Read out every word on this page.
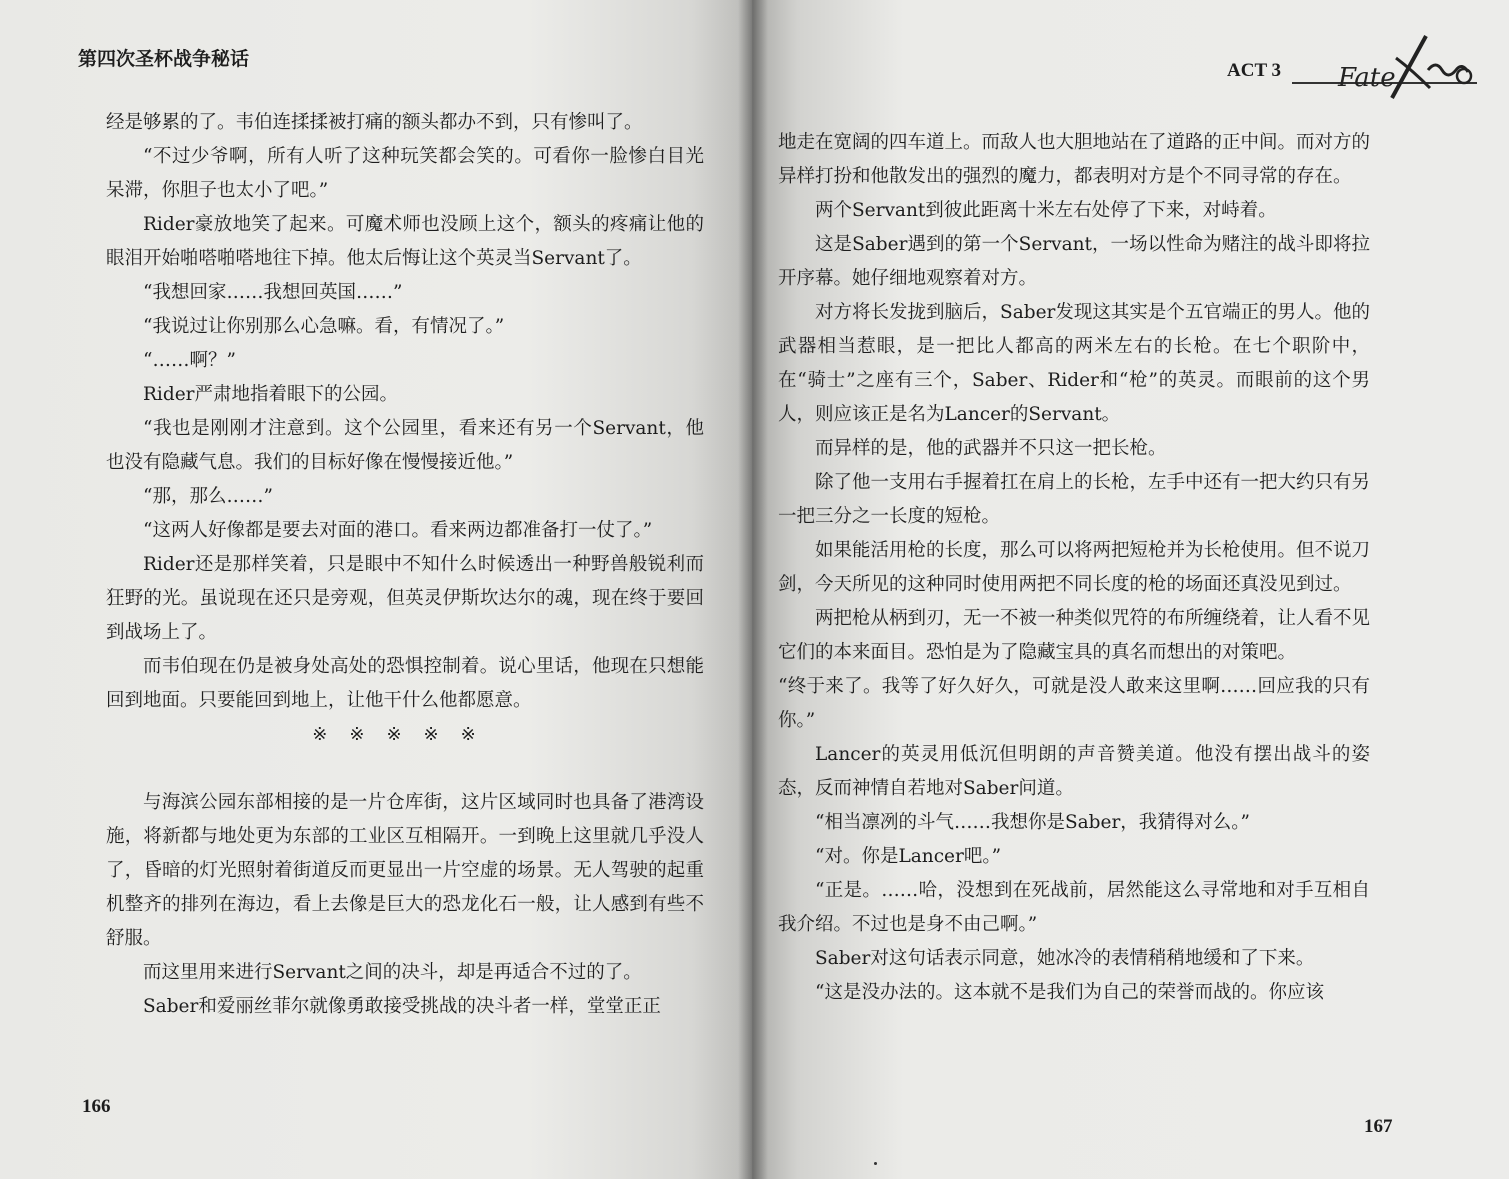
第四次圣杯战争秘话

经是够累的了。韦伯连揉揉被打痛的额头都办不到，只有惨叫了。

“不过少爷啊，所有人听了这种玩笑都会笑的。可看你一脸惨白目光呆滞，你胆子也太小了吧。”

Rider豪放地笑了起来。可魔术师也没顾上这个，额头的疼痛让他的眼泪开始啪嗒啪嗒地往下掉。他太后悔让这个英灵当Servant了。

“我想回家……我想回英国……”

“我说过让你别那么心急嘛。看，有情况了。”

“……啊？”

Rider严肃地指着眼下的公园。

“我也是刚刚才注意到。这个公园里，看来还有另一个Servant，他也没有隐藏气息。我们的目标好像在慢慢接近他。”

“那，那么……”

“这两人好像都是要去对面的港口。看来两边都准备打一仗了。”

Rider还是那样笑着，只是眼中不知什么时候透出一种野兽般锐利而狂野的光。虽说现在还只是旁观，但英灵伊斯坎达尔的魂，现在终于要回到战场上了。

而韦伯现在仍是被身处高处的恐惧控制着。说心里话，他现在只想能回到地面。只要能回到地上，让他干什么他都愿意。

※※※※※

与海滨公园东部相接的是一片仓库街，这片区域同时也具备了港湾设施，将新都与地处更为东部的工业区互相隔开。一到晚上这里就几乎没人了，昏暗的灯光照射着街道反而更显出一片空虚的场景。无人驾驶的起重机整齐的排列在海边，看上去像是巨大的恐龙化石一般，让人感到有些不舒服。

而这里用来进行Servant之间的决斗，却是再适合不过的了。

Saber和爱丽丝菲尔就像勇敢接受挑战的决斗者一样，堂堂正正

166
ACT 3 Fate

地走在宽阔的四车道上。而敌人也大胆地站在了道路的正中间。而对方的异样打扮和他散发出的强烈的魔力，都表明对方是个不同寻常的存在。

两个Servant到彼此距离十米左右处停了下来，对峙着。

这是Saber遇到的第一个Servant，一场以性命为赌注的战斗即将拉开序幕。她仔细地观察着对方。

对方将长发拢到脑后，Saber发现这其实是个五官端正的男人。他的武器相当惹眼，是一把比人都高的两米左右的长枪。在七个职阶中，在“骑士”之座有三个，Saber、Rider和“枪”的英灵。而眼前的这个男人，则应该正是名为Lancer的Servant。

而异样的是，他的武器并不只这一把长枪。

除了他一支用右手握着扛在肩上的长枪，左手中还有一把大约只有另一把三分之一长度的短枪。

如果能活用枪的长度，那么可以将两把短枪并为长枪使用。但不说刀剑，今天所见的这种同时使用两把不同长度的枪的场面还真没见到过。

两把枪从柄到刃，无一不被一种类似咒符的布所缠绕着，让人看不见它们的本来面目。恐怕是为了隐藏宝具的真名而想出的对策吧。

“终于来了。我等了好久好久，可就是没人敢来这里啊……回应我的只有你。”

Lancer的英灵用低沉但明朗的声音赞美道。他没有摆出战斗的姿态，反而神情自若地对Saber问道。

“相当凛冽的斗气……我想你是Saber，我猜得对么。”

“对。你是Lancer吧。”

“正是。……哈，没想到在死战前，居然能这么寻常地和对手互相自我介绍。不过也是身不由己啊。”

Saber对这句话表示同意，她冰冷的表情稍稍地缓和了下来。

“这是没办法的。这本就不是我们为自己的荣誉而战的。你应该

167
